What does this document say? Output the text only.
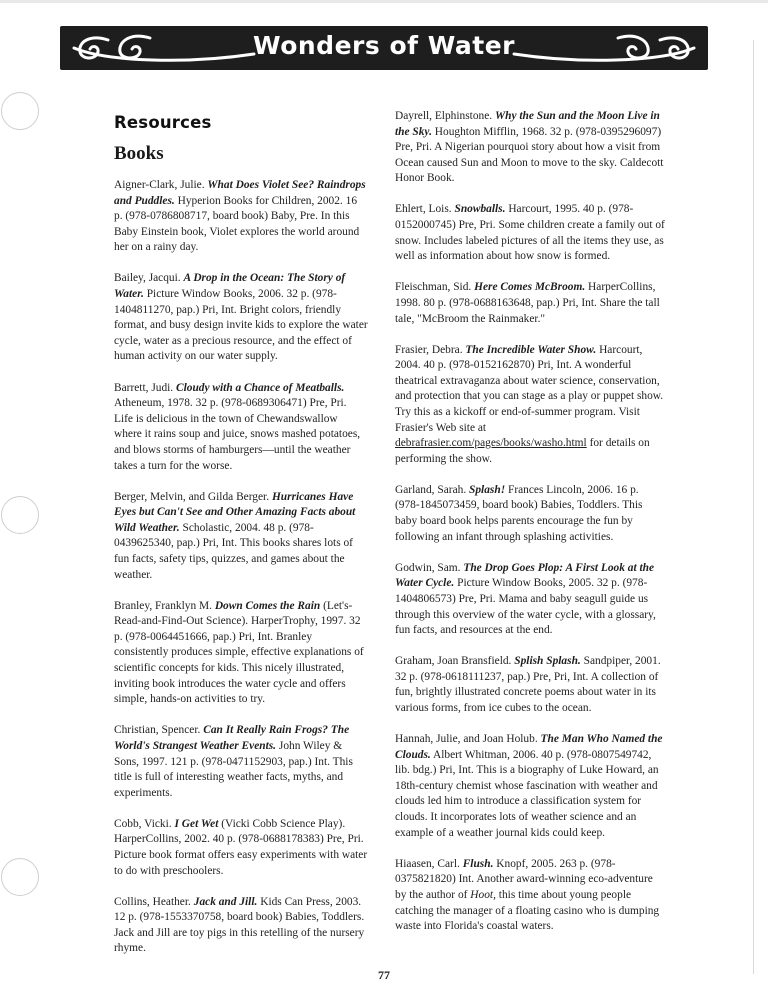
Wonders of Water
Resources
Books

Aigner-Clark, Julie. What Does Violet See? Raindrops and Puddles. Hyperion Books for Children, 2002. 16 p. (978-0786808717, board book) Baby, Pre. In this Baby Einstein book, Violet explores the world around her on a rainy day.

Bailey, Jacqui. A Drop in the Ocean: The Story of Water. Picture Window Books, 2006. 32 p. (978-1404811270, pap.) Pri, Int. Bright colors, friendly format, and busy design invite kids to explore the water cycle, water as a precious resource, and the effect of human activity on our water supply.

Barrett, Judi. Cloudy with a Chance of Meatballs. Atheneum, 1978. 32 p. (978-0689306471) Pre, Pri. Life is delicious in the town of Chewandswallow where it rains soup and juice, snows mashed potatoes, and blows storms of hamburgers—until the weather takes a turn for the worse.

Berger, Melvin, and Gilda Berger. Hurricanes Have Eyes but Can't See and Other Amazing Facts about Wild Weather. Scholastic, 2004. 48 p. (978-0439625340, pap.) Pri, Int. This books shares lots of fun facts, safety tips, quizzes, and games about the weather.

Branley, Franklyn M. Down Comes the Rain (Let's-Read-and-Find-Out Science). HarperTrophy, 1997. 32 p. (978-0064451666, pap.) Pri, Int. Branley consistently produces simple, effective explanations of scientific concepts for kids. This nicely illustrated, inviting book introduces the water cycle and offers simple, hands-on activities to try.

Christian, Spencer. Can It Really Rain Frogs? The World's Strangest Weather Events. John Wiley & Sons, 1997. 121 p. (978-0471152903, pap.) Int. This title is full of interesting weather facts, myths, and experiments.

Cobb, Vicki. I Get Wet (Vicki Cobb Science Play). HarperCollins, 2002. 40 p. (978-0688178383) Pre, Pri. Picture book format offers easy experiments with water to do with preschoolers.

Collins, Heather. Jack and Jill. Kids Can Press, 2003. 12 p. (978-1553370758, board book) Babies, Toddlers. Jack and Jill are toy pigs in this retelling of the nursery rhyme.

Dayrell, Elphinstone. Why the Sun and the Moon Live in the Sky. Houghton Mifflin, 1968. 32 p. (978-0395296097) Pre, Pri. A Nigerian pourquoi story about how a visit from Ocean caused Sun and Moon to move to the sky. Caldecott Honor Book.

Ehlert, Lois. Snowballs. Harcourt, 1995. 40 p. (978-0152000745) Pre, Pri. Some children create a family out of snow. Includes labeled pictures of all the items they use, as well as information about how snow is formed.

Fleischman, Sid. Here Comes McBroom. HarperCollins, 1998. 80 p. (978-0688163648, pap.) Pri, Int. Share the tall tale, "McBroom the Rainmaker."

Frasier, Debra. The Incredible Water Show. Harcourt, 2004. 40 p. (978-0152162870) Pri, Int. A wonderful theatrical extravaganza about water science, conservation, and protection that you can stage as a play or puppet show. Try this as a kickoff or end-of-summer program. Visit Frasier's Web site at debrafrasier.com/pages/books/washo.html for details on performing the show.

Garland, Sarah. Splash! Frances Lincoln, 2006. 16 p. (978-1845073459, board book) Babies, Toddlers. This baby board book helps parents encourage the fun by following an infant through splashing activities.

Godwin, Sam. The Drop Goes Plop: A First Look at the Water Cycle. Picture Window Books, 2005. 32 p. (978-1404806573) Pre, Pri. Mama and baby seagull guide us through this overview of the water cycle, with a glossary, fun facts, and resources at the end.

Graham, Joan Bransfield. Splish Splash. Sandpiper, 2001. 32 p. (978-0618111237, pap.) Pre, Pri, Int. A collection of fun, brightly illustrated concrete poems about water in its various forms, from ice cubes to the ocean.

Hannah, Julie, and Joan Holub. The Man Who Named the Clouds. Albert Whitman, 2006. 40 p. (978-0807549742, lib. bdg.) Pri, Int. This is a biography of Luke Howard, an 18th-century chemist whose fascination with weather and clouds led him to introduce a classification system for clouds. It incorporates lots of weather science and an example of a weather journal kids could keep.

Hiaasen, Carl. Flush. Knopf, 2005. 263 p. (978-0375821820) Int. Another award-winning eco-adventure by the author of Hoot, this time about young people catching the manager of a floating casino who is dumping waste into Florida's coastal waters.

77
